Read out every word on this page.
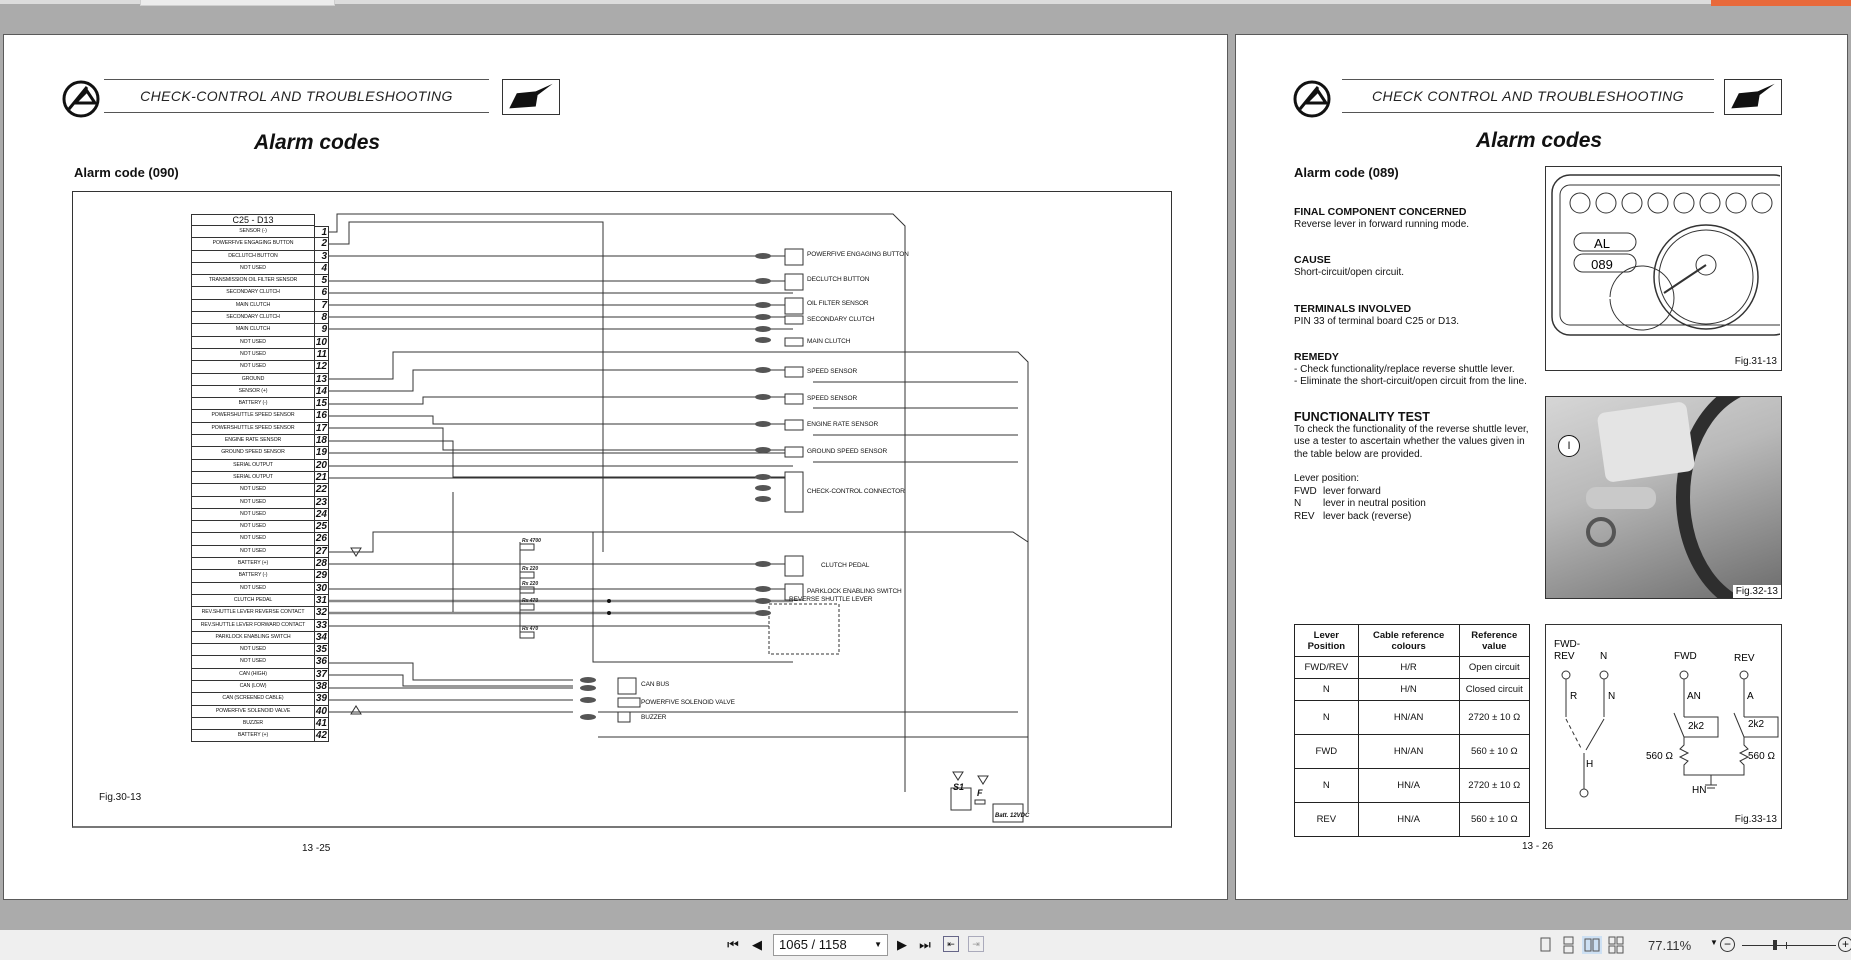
CHECK-CONTROL AND TROUBLESHOOTING
Alarm codes
Alarm code (090)
Rx 4700
Rx 220
Rx 220
Rx 470
Rx 470
S1
F
Batt. 12VDC
C25 - D13
SENSOR (-)
POWERFIVE ENGAGING BUTTON
DECLUTCH BUTTON
NOT USED
TRANSMISSION OIL FILTER SENSOR
SECONDARY CLUTCH
MAIN CLUTCH
SECONDARY CLUTCH
MAIN CLUTCH
NOT USED
NOT USED
NOT USED
GROUND
SENSOR (+)
BATTERY (-)
POWERSHUTTLE SPEED SENSOR
POWERSHUTTLE SPEED SENSOR
ENGINE RATE SENSOR
GROUND SPEED SENSOR
SERIAL OUTPUT
SERIAL OUTPUT
NOT USED
NOT USED
NOT USED
NOT USED
NOT USED
NOT USED
BATTERY (+)
BATTERY (-)
NOT USED
CLUTCH PEDAL
REV.SHUTTLE LEVER REVERSE CONTACT
REV.SHUTTLE LEVER FORWARD CONTACT
PARKLOCK ENABLING SWITCH
NOT USED
NOT USED
CAN (HIGH)
CAN (LOW)
CAN (SCREENED CABLE)
POWERFIVE SOLENOID VALVE
BUZZER
BATTERY (+)
1
2
3
4
5
6
7
8
9
10
11
12
13
14
15
16
17
18
19
20
21
22
23
24
25
26
27
28
29
30
31
32
33
34
35
36
37
38
39
40
41
42
POWERFIVE ENGAGING BUTTON
DECLUTCH BUTTON
OIL FILTER SENSOR
SECONDARY CLUTCH
MAIN CLUTCH
SPEED SENSOR
SPEED SENSOR
ENGINE RATE SENSOR
GROUND SPEED SENSOR
CHECK-CONTROL CONNECTOR
CLUTCH PEDAL
PARKLOCK ENABLING SWITCH
REVERSE SHUTTLE LEVER
CAN BUS
POWERFIVE SOLENOID VALVE
BUZZER
Fig.30-13
13 -25
CHECK CONTROL AND TROUBLESHOOTING
Alarm codes
Alarm code (089)
FINAL COMPONENT CONCERNED
Reverse lever in forward running mode.
CAUSE
Short-circuit/open circuit.
TERMINALS INVOLVED
PIN 33 of terminal board C25 or D13.
REMEDY
- Check functionality/replace reverse shuttle lever.
- Eliminate the short-circuit/open circuit from the line.
FUNCTIONALITY TEST
To check the functionality of the reverse shuttle lever,
use a tester to ascertain whether the values given in
the table below are provided.
Lever position:
FWD lever forward
N lever in neutral position
REV lever back (reverse)
AL
089
Fig.31-13
I
Fig.32-13
Lever Position	Cable reference colours	Reference value
FWD/REV	H/R	Open circuit
N	H/N	Closed circuit
N	HN/AN	2720 ± 10 Ω
FWD	HN/AN	560 ± 10 Ω
N	HN/A	2720 ± 10 Ω
REV	HN/A	560 ± 10 Ω
FWD-
REV	N
R	N
H
FWD	REV
AN	A
2k2	2k2
560 Ω	560 Ω
HN
Fig.33-13
13 - 26
⏮ ◀	1065 / 1158	▼ ▶ ⏭ ⇤ ⇥	77.11% ▼ −	+
